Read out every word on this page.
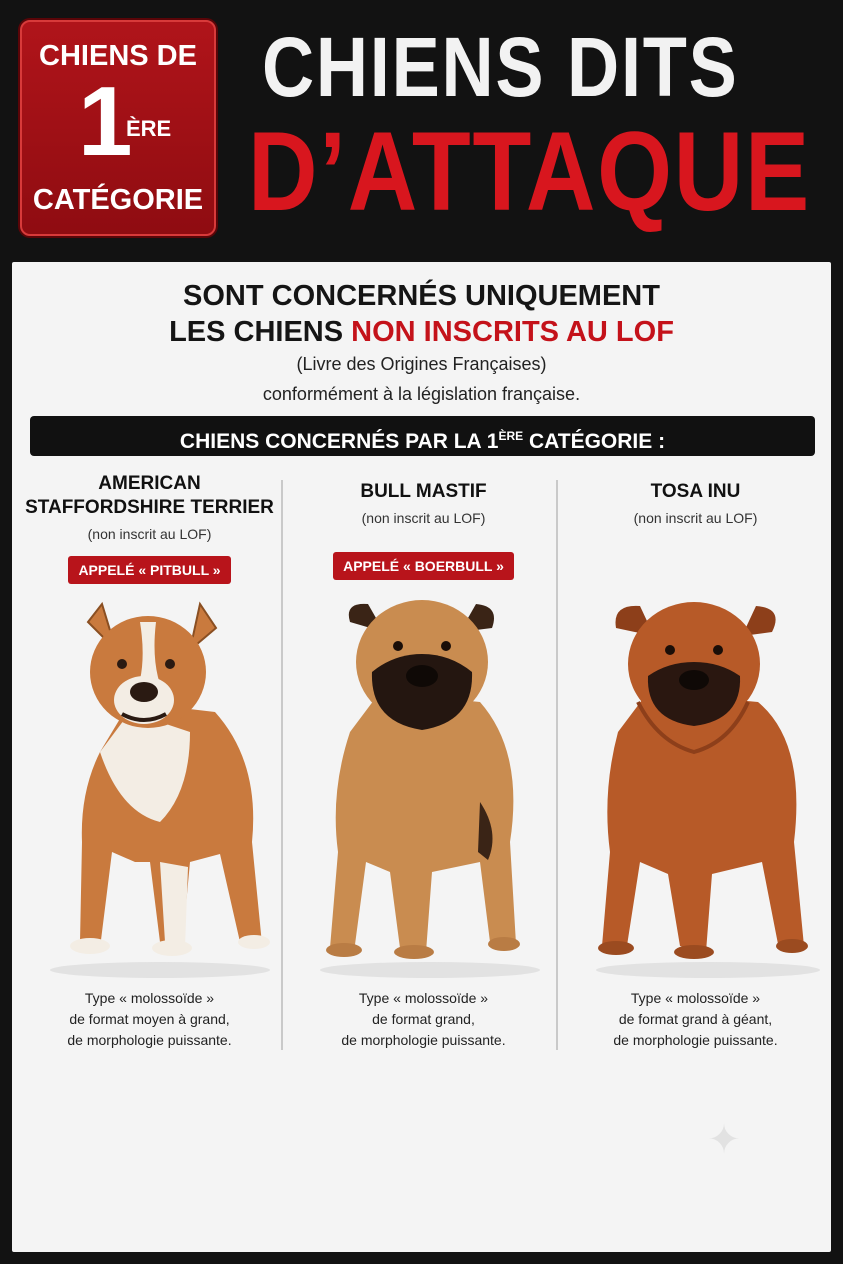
CHIENS DE
1
ÈRE
CATÉGORIE
CHIENS DITS
D’ATTAQUE
SONT CONCERNÉS UNIQUEMENT
LES CHIENS NON INSCRITS AU LOF
(Livre des Origines Françaises)
conformément à la législation française.
CHIENS CONCERNÉS PAR LA 1ÈRE CATÉGORIE :
AMERICAN
STAFFORDSHIRE TERRIER
(non inscrit au LOF)
APPELÉ « PITBULL »
BULL MASTIF
(non inscrit au LOF)
APPELÉ « BOERBULL »
TOSA INU
(non inscrit au LOF)
Type « molossoïde »
de format moyen à grand,
de morphologie puissante.
Type « molossoïde »
de format grand,
de morphologie puissante.
Type « molossoïde »
de format grand à géant,
de morphologie puissante.
✦
